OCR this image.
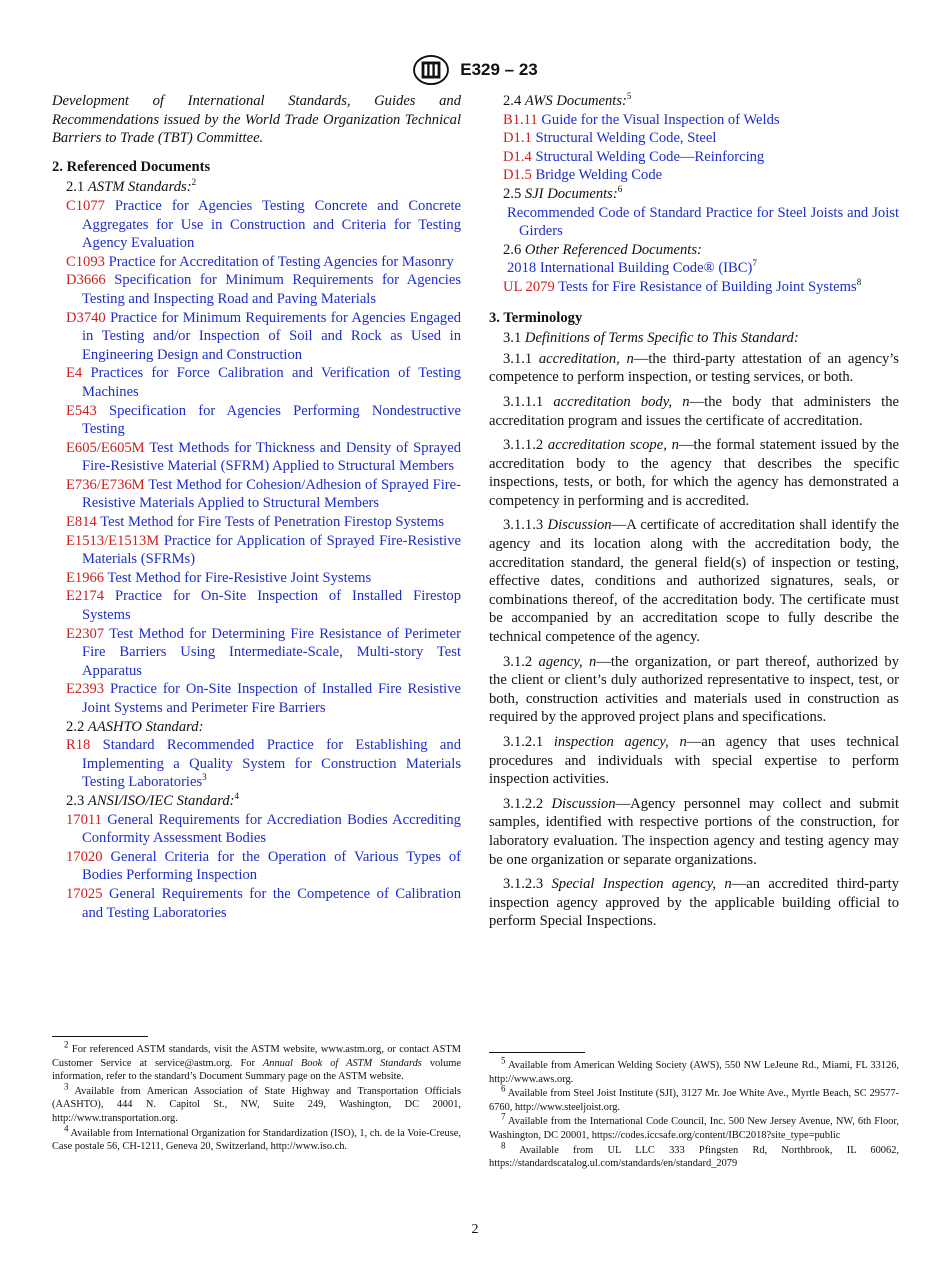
E329 – 23

Development of International Standards, Guides and Recommendations issued by the World Trade Organization Technical Barriers to Trade (TBT) Committee.

2. Referenced Documents
2.1 ASTM Standards:$^2$

C1077 Practice for Agencies Testing Concrete and Concrete Aggregates for Use in Construction and Criteria for Testing Agency Evaluation

C1093 Practice for Accreditation of Testing Agencies for Masonry

D3666 Specification for Minimum Requirements for Agencies Testing and Inspecting Road and Paving Materials

D3740 Practice for Minimum Requirements for Agencies Engaged in Testing and/or Inspection of Soil and Rock as Used in Engineering Design and Construction

E4 Practices for Force Calibration and Verification of Testing Machines

E543 Specification for Agencies Performing Nondestructive Testing

E605/E605M Test Methods for Thickness and Density of Sprayed Fire-Resistive Material (SFRM) Applied to Structural Members

E736/E736M Test Method for Cohesion/Adhesion of Sprayed Fire-Resistive Materials Applied to Structural Members

E814 Test Method for Fire Tests of Penetration Firestop Systems

E1513/E1513M Practice for Application of Sprayed Fire-Resistive Materials (SFRMs)

E1966 Test Method for Fire-Resistive Joint Systems

E2174 Practice for On-Site Inspection of Installed Firestop Systems

E2307 Test Method for Determining Fire Resistance of Perimeter Fire Barriers Using Intermediate-Scale, Multi-story Test Apparatus

E2393 Practice for On-Site Inspection of Installed Fire Resistive Joint Systems and Perimeter Fire Barriers

2.2 AASHTO Standard:

R18 Standard Recommended Practice for Establishing and Implementing a Quality System for Construction Materials Testing Laboratories$^3$

2.3 ANSI/ISO/IEC Standard:$^4$

17011 General Requirements for Accrediation Bodies Accrediting Conformity Assessment Bodies

17020 General Criteria for the Operation of Various Types of Bodies Performing Inspection

17025 General Requirements for the Competence of Calibration and Testing Laboratories

2.4 AWS Documents:$^5$

B1.11 Guide for the Visual Inspection of Welds

D1.1 Structural Welding Code, Steel

D1.4 Structural Welding Code—Reinforcing

D1.5 Bridge Welding Code

2.5 SJI Documents:$^6$

Recommended Code of Standard Practice for Steel Joists and Joist Girders

2.6 Other Referenced Documents:

2018 International Building Code® (IBC)$^7$

UL 2079 Tests for Fire Resistance of Building Joint Systems$^8$

3. Terminology
3.1 Definitions of Terms Specific to This Standard:

3.1.1 accreditation, n—the third-party attestation of an agency’s competence to perform inspection, or testing services, or both.

3.1.1.1 accreditation body, n—the body that administers the accreditation program and issues the certificate of accreditation.

3.1.1.2 accreditation scope, n—the formal statement issued by the accreditation body to the agency that describes the specific inspections, tests, or both, for which the agency has demonstrated a competency in performing and is accredited.

3.1.1.3 Discussion—A certificate of accreditation shall identify the agency and its location along with the accreditation body, the accreditation standard, the general field(s) of inspection or testing, effective dates, conditions and authorized signatures, seals, or combinations thereof, of the accreditation body. The certificate must be accompanied by an accreditation scope to fully describe the technical competence of the agency.

3.1.2 agency, n—the organization, or part thereof, authorized by the client or client’s duly authorized representative to inspect, test, or both, construction activities and materials used in construction as required by the approved project plans and specifications.

3.1.2.1 inspection agency, n—an agency that uses technical procedures and individuals with special expertise to perform inspection activities.

3.1.2.2 Discussion—Agency personnel may collect and submit samples, identified with respective portions of the construction, for laboratory evaluation. The inspection agency and testing agency may be one organization or separate organizations.

3.1.2.3 Special Inspection agency, n—an accredited third-party inspection agency approved by the applicable building official to perform Special Inspections.

$^2$ For referenced ASTM standards, visit the ASTM website, www.astm.org, or contact ASTM Customer Service at service@astm.org. For Annual Book of ASTM Standards volume information, refer to the standard’s Document Summary page on the ASTM website.

$^3$ Available from American Association of State Highway and Transportation Officials (AASHTO), 444 N. Capitol St., NW, Suite 249, Washington, DC 20001, http://www.transportation.org.

$^4$ Available from International Organization for Standardization (ISO), 1, ch. de la Voie-Creuse, Case postale 56, CH-1211, Geneva 20, Switzerland, http://www.iso.ch.

$^5$ Available from American Welding Society (AWS), 550 NW LeJeune Rd., Miami, FL 33126, http://www.aws.org.

$^6$ Available from Steel Joist Institute (SJI), 3127 Mr. Joe White Ave., Myrtle Beach, SC 29577-6760, http://www.steeljoist.org.

$^7$ Available from the International Code Council, Inc. 500 New Jersey Avenue, NW, 6th Floor, Washington, DC 20001, https://codes.iccsafe.org/content/IBC2018?site_type=public

$^8$ Available from UL LLC 333 Pfingsten Rd, Northbrook, IL 60062, https://standardscatalog.ul.com/standards/en/standard_2079

2
